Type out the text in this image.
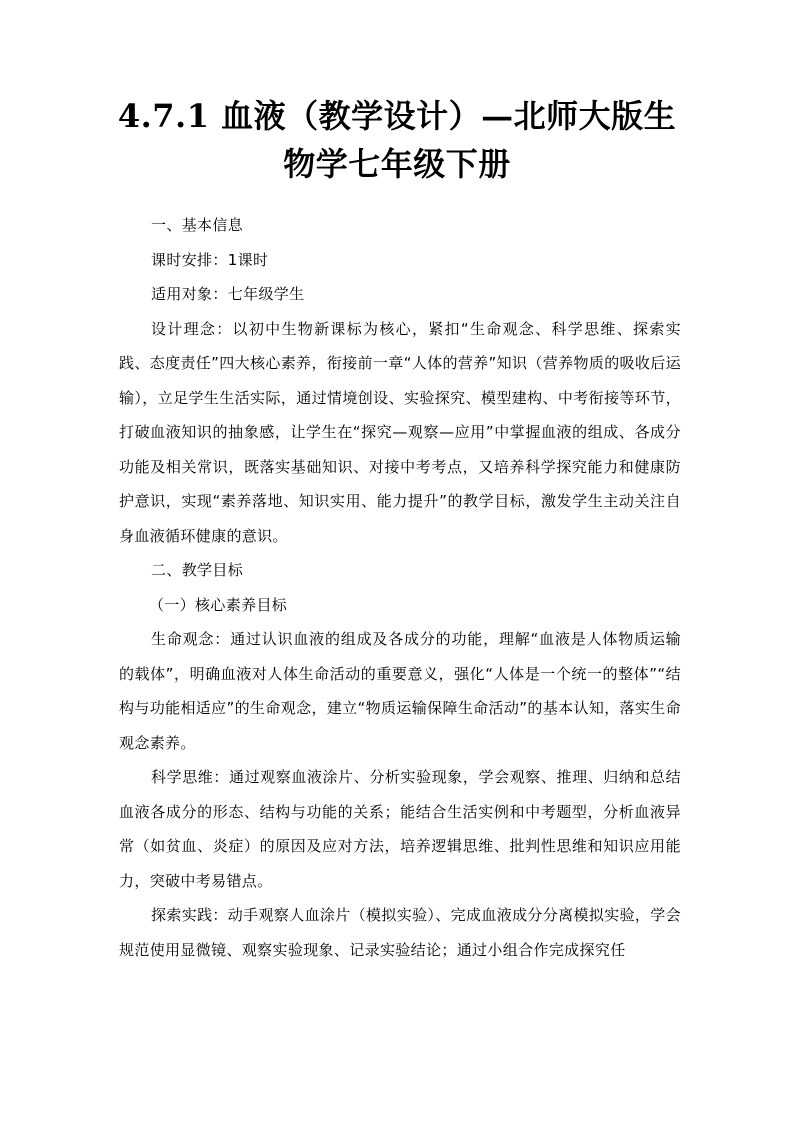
4.7.1 血液（教学设计）—北师大版生物学七年级下册

一、基本信息

课时安排：1课时

适用对象：七年级学生

设计理念：以初中生物新课标为核心，紧扣“生命观念、科学思维、探索实践、态度责任”四大核心素养，衔接前一章“人体的营养”知识（营养物质的吸收后运输），立足学生生活实际，通过情境创设、实验探究、模型建构、中考衔接等环节，打破血液知识的抽象感，让学生在“探究—观察—应用”中掌握血液的组成、各成分功能及相关常识，既落实基础知识、对接中考考点，又培养科学探究能力和健康防护意识，实现“素养落地、知识实用、能力提升”的教学目标，激发学生主动关注自身血液循环健康的意识。

二、教学目标

（一）核心素养目标

生命观念：通过认识血液的组成及各成分的功能，理解“血液是人体物质运输的载体”，明确血液对人体生命活动的重要意义，强化“人体是一个统一的整体”“结构与功能相适应”的生命观念，建立“物质运输保障生命活动”的基本认知，落实生命观念素养。

科学思维：通过观察血液涂片、分析实验现象，学会观察、推理、归纳和总结血液各成分的形态、结构与功能的关系；能结合生活实例和中考题型，分析血液异常（如贫血、炎症）的原因及应对方法，培养逻辑思维、批判性思维和知识应用能力，突破中考易错点。

探索实践：动手观察人血涂片（模拟实验）、完成血液成分分离模拟实验，学会规范使用显微镜、观察实验现象、记录实验结论；通过小组合作完成探究任
